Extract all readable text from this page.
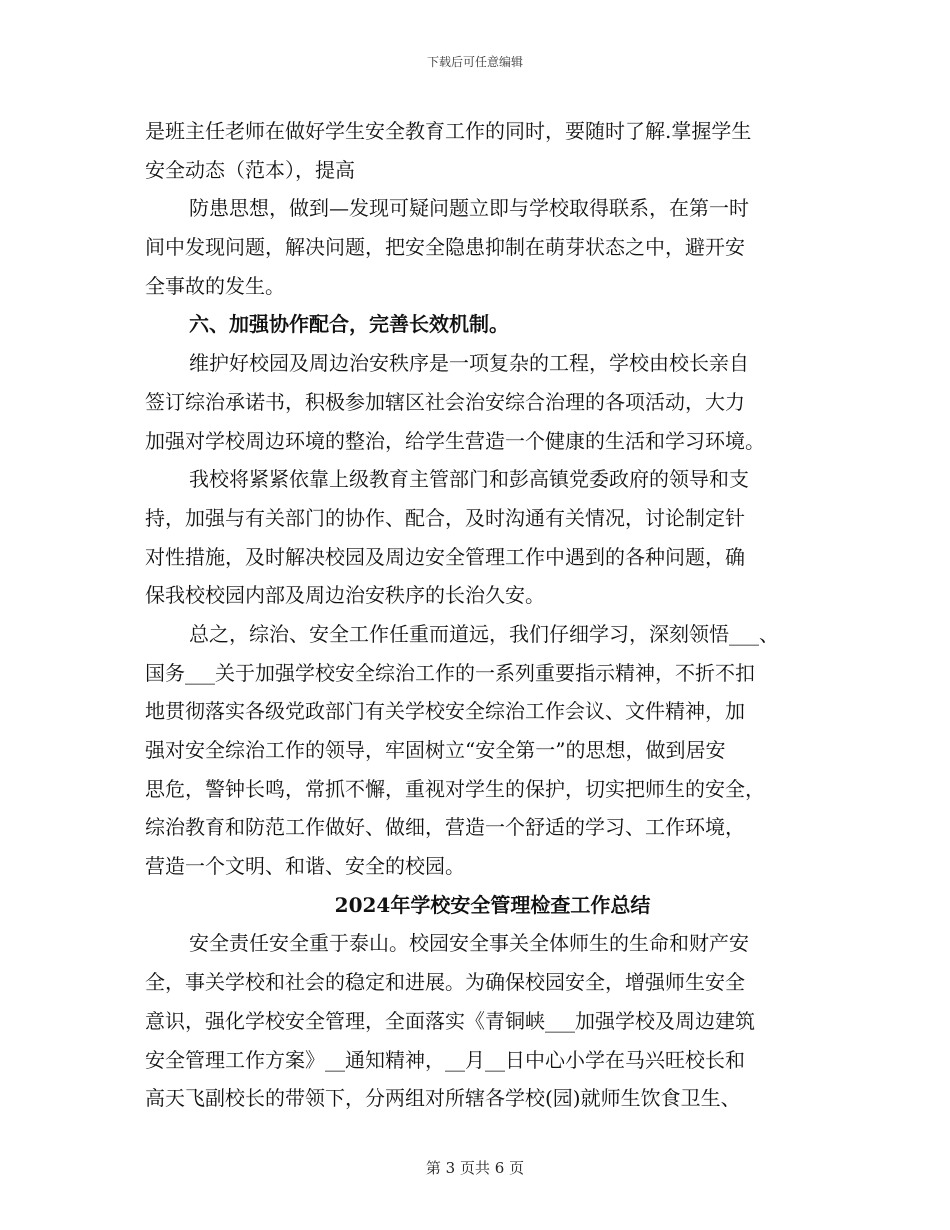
下载后可任意编辑
是班主任老师在做好学生安全教育工作的同时，要随时了解.掌握学生
安全动态（范本），提高
防患思想，做到—发现可疑问题立即与学校取得联系，在第一时
间中发现问题，解决问题，把安全隐患抑制在萌芽状态之中，避开安
全事故的发生。
六、加强协作配合，完善长效机制。
维护好校园及周边治安秩序是一项复杂的工程，学校由校长亲自
签订综治承诺书，积极参加辖区社会治安综合治理的各项活动，大力
加强对学校周边环境的整治，给学生营造一个健康的生活和学习环境。
我校将紧紧依靠上级教育主管部门和彭高镇党委政府的领导和支
持，加强与有关部门的协作、配合，及时沟通有关情况，讨论制定针
对性措施，及时解决校园及周边安全管理工作中遇到的各种问题，确
保我校校园内部及周边治安秩序的长治久安。
总之，综治、安全工作任重而道远，我们仔细学习，深刻领悟___、
国务___关于加强学校安全综治工作的一系列重要指示精神，不折不扣
地贯彻落实各级党政部门有关学校安全综治工作会议、文件精神，加
强对安全综治工作的领导，牢固树立“安全第一”的思想，做到居安
思危，警钟长鸣，常抓不懈，重视对学生的保护，切实把师生的安全，
综治教育和防范工作做好、做细，营造一个舒适的学习、工作环境，
营造一个文明、和谐、安全的校园。
2024年学校安全管理检查工作总结
安全责任安全重于泰山。校园安全事关全体师生的生命和财产安
全，事关学校和社会的稳定和进展。为确保校园安全，增强师生安全
意识，强化学校安全管理，全面落实《青铜峡___加强学校及周边建筑
安全管理工作方案》__通知精神，__月__日中心小学在马兴旺校长和
高天飞副校长的带领下，分两组对所辖各学校(园)就师生饮食卫生、
第 3 页共 6 页
